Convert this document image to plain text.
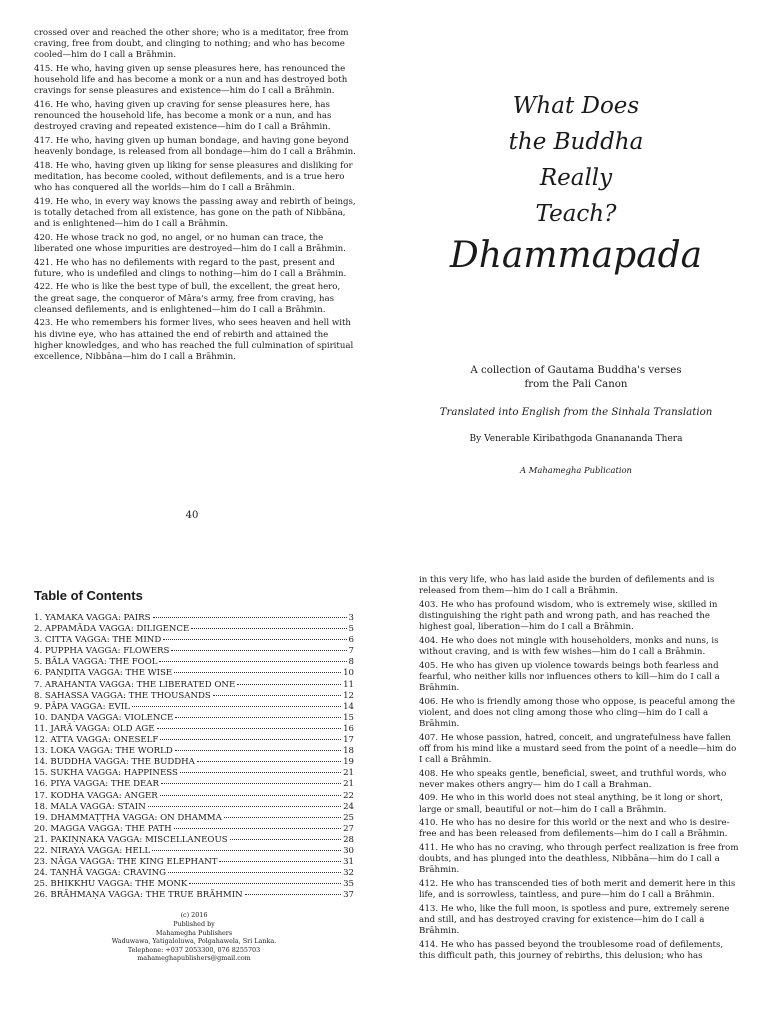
crossed over and reached the other shore; who is a meditator, free from craving, free from doubt, and clinging to nothing; and who has become cooled—him do I call a Brāhmin.

415. He who, having given up sense pleasures here, has renounced the household life and has become a monk or a nun and has destroyed both cravings for sense pleasures and existence—him do I call a Brāhmin.

416. He who, having given up craving for sense pleasures here, has renounced the household life, has become a monk or a nun, and has destroyed craving and repeated existence—him do I call a Brāhmin.

417. He who, having given up human bondage, and having gone beyond heavenly bondage, is released from all bondage—him do I call a Brāhmin.

418. He who, having given up liking for sense pleasures and disliking for meditation, has become cooled, without defilements, and is a true hero who has conquered all the worlds—him do I call a Brāhmin.

419. He who, in every way knows the passing away and rebirth of beings, is totally detached from all existence, has gone on the path of Nibbāna, and is enlightened—him do I call a Brāhmin.

420. He whose track no god, no angel, or no human can trace, the liberated one whose impurities are destroyed—him do I call a Brāhmin.

421. He who has no defilements with regard to the past, present and future, who is undefiled and clings to nothing—him do I call a Brāhmin.

422. He who is like the best type of bull, the excellent, the great hero, the great sage, the conqueror of Māra's army, free from craving, has cleansed defilements, and is enlightened—him do I call a Brāhmin.

423. He who remembers his former lives, who sees heaven and hell with his divine eye, who has attained the end of rebirth and attained the higher knowledges, and who has reached the full culmination of spiritual excellence, Nibbāna—him do I call a Brāhmin.

40
What Does
the Buddha
Really
Teach?
Dhammapada
A collection of Gautama Buddha's verses
from the Pali Canon
Translated into English from the Sinhala Translation
By Venerable Kiribathgoda Gnanananda Thera
A Mahamegha Publication
Table of Contents
1. YAMAKA VAGGA: PAIRS	3
2. APPAMĀDA VAGGA: DILIGENCE	5
3. CITTA VAGGA: THE MIND	6
4. PUPPHA VAGGA: FLOWERS	7
5. BĀLA VAGGA: THE FOOL	8
6. PAṆḌITA VAGGA: THE WISE	10
7. ARAHANTA VAGGA: THE LIBERATED ONE	11
8. SAHASSA VAGGA: THE THOUSANDS	12
9. PĀPA VAGGA: EVIL	14
10. DAṆḌA VAGGA: VIOLENCE	15
11. JARĀ VAGGA: OLD AGE	16
12. ATTA VAGGA: ONESELF	17
13. LOKA VAGGA: THE WORLD	18
14. BUDDHA VAGGA: THE BUDDHA	19
15. SUKHA VAGGA: HAPPINESS	21
16. PIYA VAGGA: THE DEAR	21
17. KODHA VAGGA: ANGER	22
18. MALA VAGGA: STAIN	24
19. DHAMMAṬṬHA VAGGA: ON DHAMMA	25
20. MAGGA VAGGA: THE PATH	27
21. PAKIṆṆAKA VAGGA: MISCELLANEOUS	28
22. NIRAYA VAGGA: HELL	30
23. NĀGA VAGGA: THE KING ELEPHANT	31
24. TAṆHĀ VAGGA: CRAVING	32
25. BHIKKHU VAGGA: THE MONK	35
26. BRĀHMAṆA VAGGA: THE TRUE BRĀHMIN	37
(c) 2016
Published by
Mahamegha Publishers
Waduwawa, Yatigaloluwa, Polgahawela, Sri Lanka.
Telephone: +037 2053300, 076 8255703
mahameghapublishers@gmail.com

in this very life, who has laid aside the burden of defilements and is released from them—him do I call a Brāhmin.

403. He who has profound wisdom, who is extremely wise, skilled in distinguishing the right path and wrong path, and has reached the highest goal, liberation—him do I call a Brāhmin.

404. He who does not mingle with householders, monks and nuns, is without craving, and is with few wishes—him do I call a Brāhmin.

405. He who has given up violence towards beings both fearless and fearful, who neither kills nor influences others to kill—him do I call a Brāhmin.

406. He who is friendly among those who oppose, is peaceful among the violent, and does not cling among those who cling—him do I call a Brāhmin.

407. He whose passion, hatred, conceit, and ungratefulness have fallen off from his mind like a mustard seed from the point of a needle—him do I call a Brāhmin.

408. He who speaks gentle, beneficial, sweet, and truthful words, who never makes others angry— him do I call a Brahman.

409. He who in this world does not steal anything, be it long or short, large or small, beautiful or not—him do I call a Brāhmin.

410. He who has no desire for this world or the next and who is desire-free and has been released from defilements—him do I call a Brāhmin.

411. He who has no craving, who through perfect realization is free from doubts, and has plunged into the deathless, Nibbāna—him do I call a Brāhmin.

412. He who has transcended ties of both merit and demerit here in this life, and is sorrowless, taintless, and pure—him do I call a Brāhmin.

413. He who, like the full moon, is spotless and pure, extremely serene and still, and has destroyed craving for existence—him do I call a Brāhmin.

414. He who has passed beyond the troublesome road of defilements, this difficult path, this journey of rebirths, this delusion; who has
